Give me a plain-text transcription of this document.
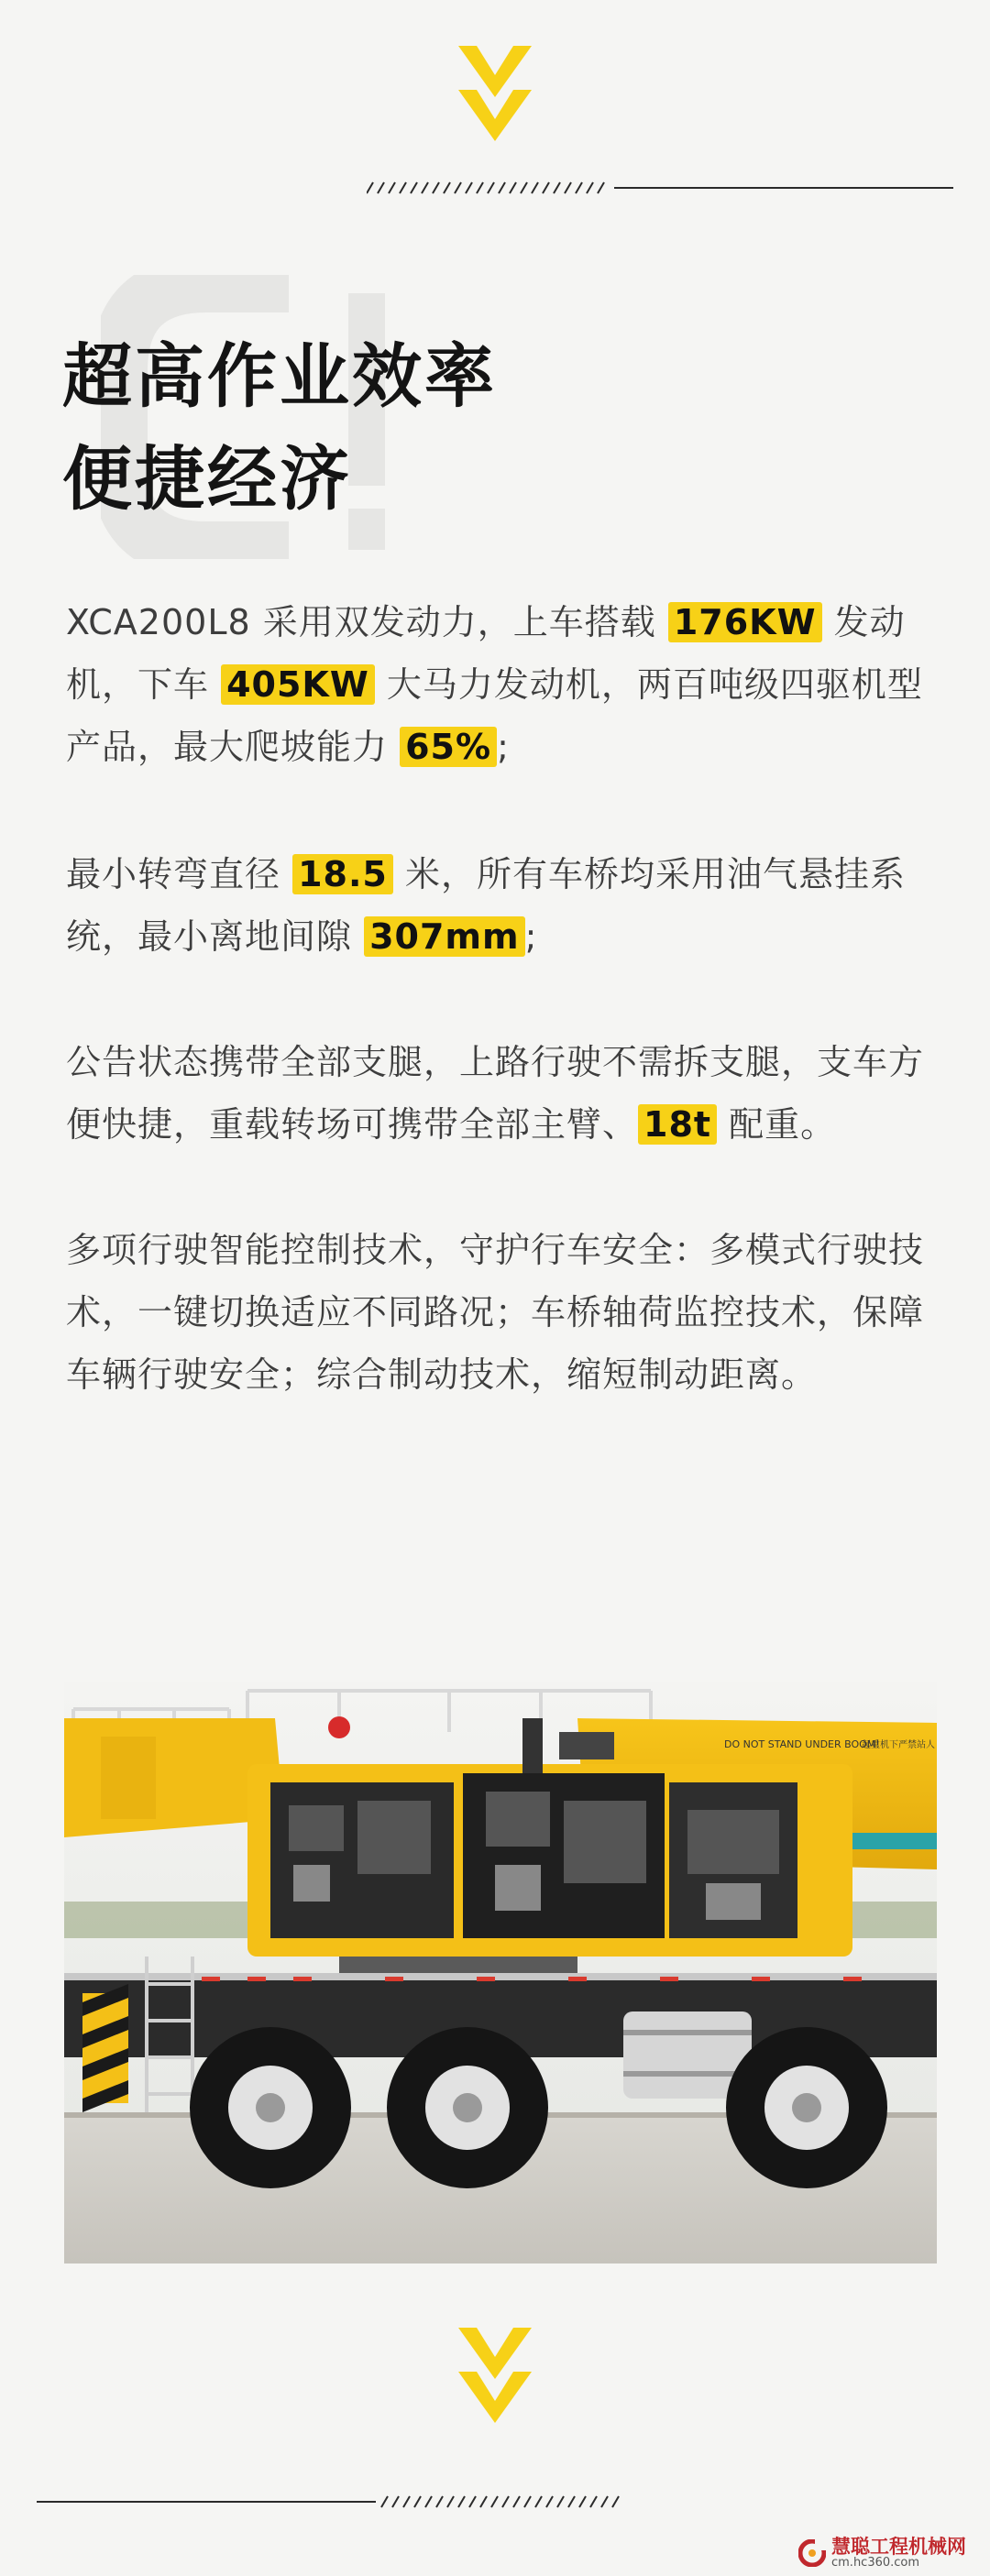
超高作业效率
便捷经济
XCA200L8 采用双发动力，上车搭载 176KW 发动机，下车 405KW 大马力发动机，两百吨级四驱机型产品，最大爬坡能力 65% ;
最小转弯直径 18.5 米，所有车桥均采用油气悬挂系统，最小离地间隙 307mm ;
公告状态携带全部支腿，上路行驶不需拆支腿，支车方便快捷，重载转场可携带全部主臂、 18t 配重。
多项行驶智能控制技术，守护行车安全：多模式行驶技术，一键切换适应不同路况；车桥轴荷监控技术，保障车辆行驶安全；综合制动技术，缩短制动距离。
DO NOT STAND UNDER BOOM!
起重机下严禁站人
慧聪工程机械网
cm.hc360.com
